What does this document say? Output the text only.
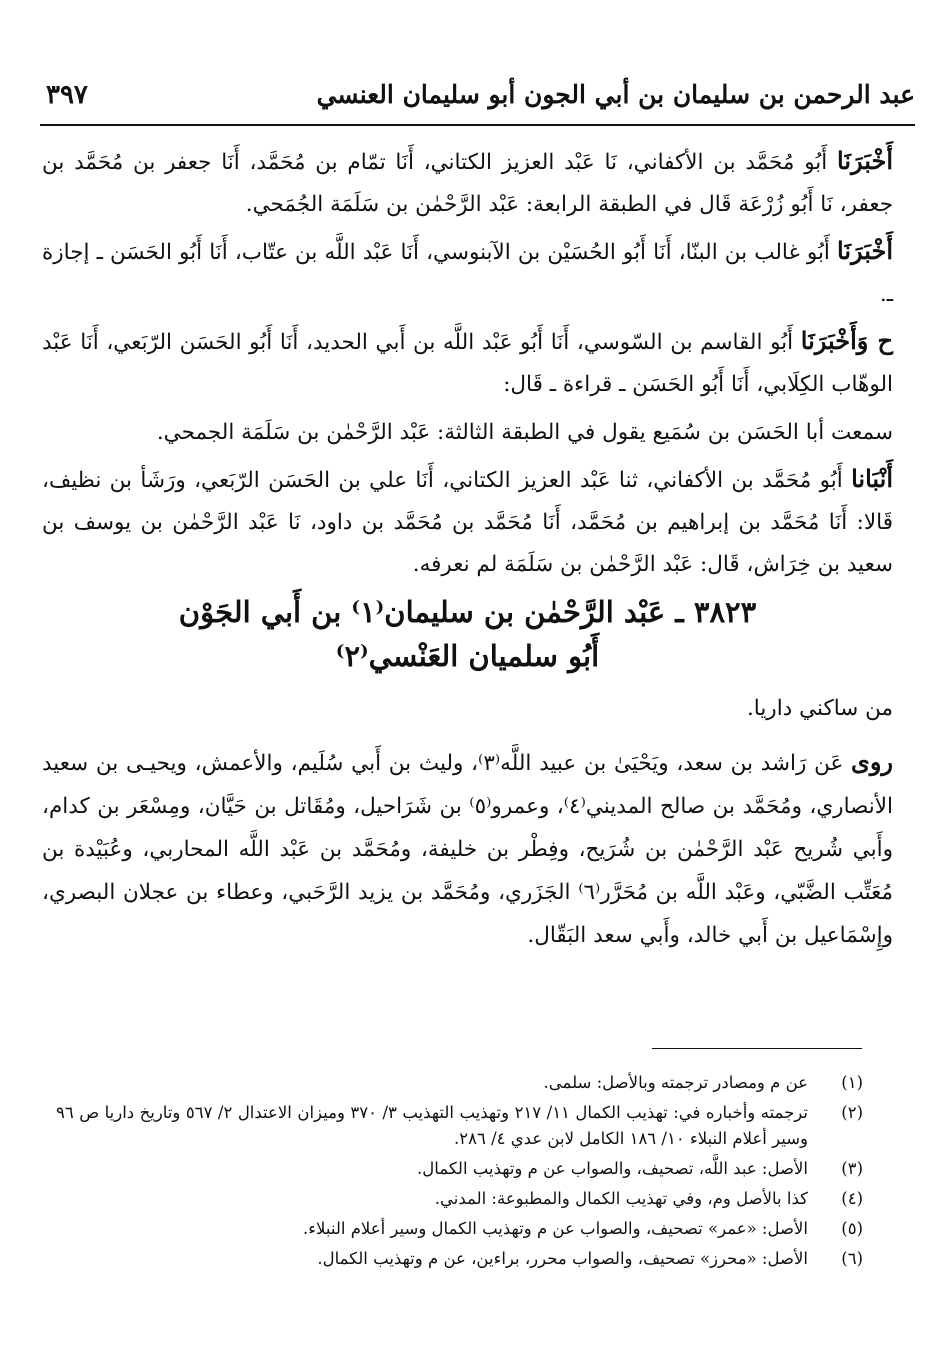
عبد الرحمن بن سليمان بن أبي الجون أبو سليمان العنسي
٣٩٧

أَخْبَرَنَا أَبُو مُحَمَّد بن الأكفاني، نَا عَبْد العزيز الكتاني، أَنَا تمّام بن مُحَمَّد، أَنَا جعفر بن مُحَمَّد بن جعفر، نَا أَبُو زُرْعَة قَال في الطبقة الرابعة: عَبْد الرَّحْمٰن بن سَلَمَة الجُمَحي.

أَخْبَرَنَا أَبُو غالب بن البنّا، أَنَا أَبُو الحُسَيْن بن الآبنوسي، أَنَا عَبْد اللَّه بن عتّاب، أَنَا أَبُو الحَسَن ـ إجازة ـ.

ح وَأَخْبَرَنَا أَبُو القاسم بن السّوسي، أَنَا أَبُو عَبْد اللَّه بن أَبي الحديد، أَنَا أَبُو الحَسَن الرّبَعي، أَنَا عَبْد الوهّاب الكِلَابي، أَنَا أَبُو الحَسَن ـ قراءة ـ قَال:

سمعت أبا الحَسَن بن سُمَيع يقول في الطبقة الثالثة: عَبْد الرَّحْمٰن بن سَلَمَة الجمحي.

أَنْبَانا أَبُو مُحَمَّد بن الأكفاني، ثنا عَبْد العزيز الكتاني، أَنَا علي بن الحَسَن الرّبَعي، ورَشَأ بن نظيف، قَالا: أَنَا مُحَمَّد بن إبراهيم بن مُحَمَّد، أَنَا مُحَمَّد بن مُحَمَّد بن داود، نَا عَبْد الرَّحْمٰن بن يوسف بن سعيد بن خِرَاش، قَال: عَبْد الرَّحْمٰن بن سَلَمَة لم نعرفه.

٣٨٢٣ ـ عَبْد الرَّحْمٰن بن سليمان⁽١⁾ بن أَبي الجَوْن
أَبُو سلميان العَنْسي⁽٢⁾

من ساكني داريا.

روى عَن رَاشد بن سعد، ويَحْيَىٰ بن عبيد اللَّه⁽٣⁾، وليث بن أَبي سُلَيم، والأعمش، ويحيـى بن سعيد الأنصاري، ومُحَمَّد بن صالح المديني⁽٤⁾، وعمرو⁽٥⁾ بن شَرَاحيل، ومُقَاتل بن حَيَّان، ومِسْعَر بن كدام، وأَبي شُريح عَبْد الرَّحْمٰن بن شُرَيح، وفِطْر بن خليفة، ومُحَمَّد بن عَبْد اللَّه المحاربي، وعُبَيْدة بن مُعَتِّب الضَّبّي، وعَبْد اللَّه بن مُحَرَّر⁽٦⁾ الجَزَري، ومُحَمَّد بن يزيد الرَّحَبي، وعطاء بن عجلان البصري، وإِسْمَاعيل بن أَبي خالد، وأَبي سعد البَقّال.

(١)
عن م ومصادر ترجمته وبالأصل: سلمى.
(٢)
ترجمته وأخباره في: تهذيب الكمال ١١/ ٢١٧ وتهذيب التهذيب ٣/ ٣٧٠ وميزان الاعتدال ٢/ ٥٦٧ وتاريخ داريا ص ٩٦ وسير أعلام النبلاء ١٠/ ١٨٦ الكامل لابن عدي ٤/ ٢٨٦.
(٣)
الأصل: عبد اللَّه، تصحيف، والصواب عن م وتهذيب الكمال.
(٤)
كذا بالأصل وم، وفي تهذيب الكمال والمطبوعة: المدني.
(٥)
الأصل: «عمر» تصحيف، والصواب عن م وتهذيب الكمال وسير أعلام النبلاء.
(٦)
الأصل: «محرز» تصحيف، والصواب محرر، براءين، عن م وتهذيب الكمال.
